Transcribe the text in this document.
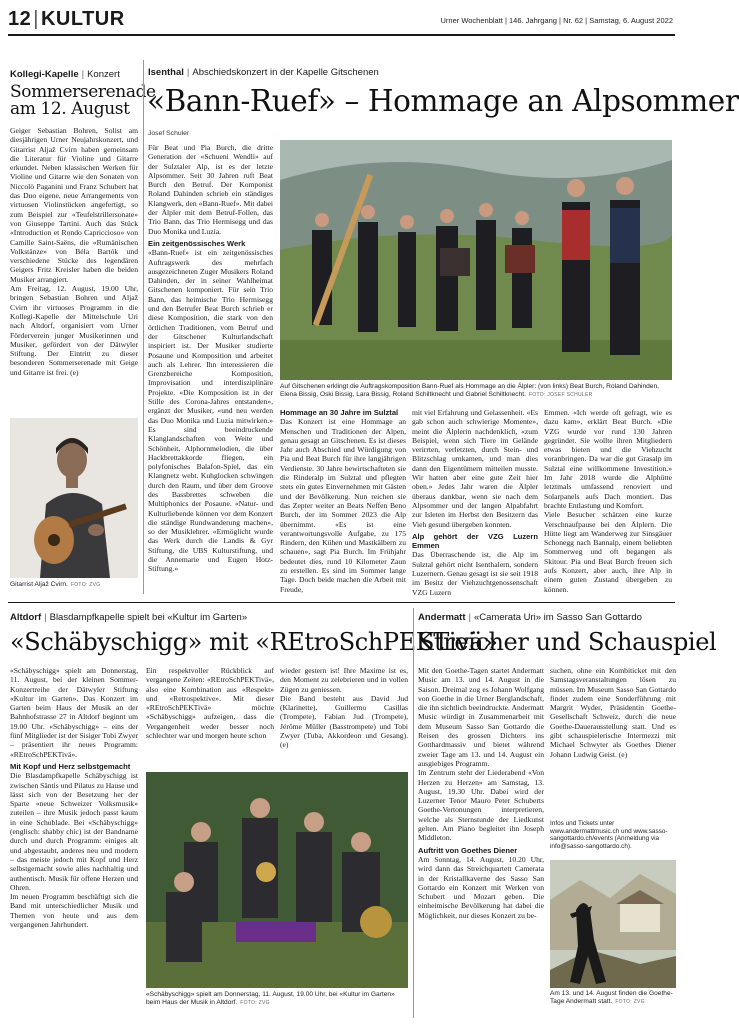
12 | KULTUR	Urner Wochenblatt | 146. Jahrgang | Nr. 62 | Samstag, 6. August 2022
Kollegi-Kapelle | Konzert
Sommerserenade am 12. August

Geiger Sebastian Bohren, Solist am diesjährigen Urner Neujahrskonzert, und Gitarrist Aljaž Cvirn haben gemeinsam die Literatur für Violine und Gitarre erkundet. Neben klassischen Werken für Violine und Gitarre wie den Sonaten von Niccolò Paganini und Franz Schubert hat das Duo eigene, neue Arrangements von virtuosen Violinstücken angefertigt, so zum Beispiel zur «Teufelstrillersonate» von Giuseppe Tartini. Auch das Stück «Introduction et Rondo Capriccioso» von Camille Saint-Saëns, die «Rumänischen Volkstänze» von Béla Bartók und verschiedene Stücke des legendären Geigers Fritz Kreisler haben die beiden Musiker arrangiert.

Am Freitag, 12. August, 19.00 Uhr, bringen Sebastian Bohren und Aljaž Cvirn ihr virtuoses Programm in die Kollegi-Kapelle der Mittelschule Uri nach Altdorf, organisiert vom Urner Förderverein junger Musikerinnen und Musiker, gefördert von der Dätwyler Stiftung. Der Eintritt zu dieser besonderen Sommerserenade mit Geige und Gitarre ist frei. (e)

Gitarrist Aljaž Cvirn. FOTO: ZVG
Isenthal | Abschiedskonzert in der Kapelle Gitschenen
«Bann-Ruef» – Hommage an Alpsommer
Josef Schuler

Für Beat und Pia Burch, die dritte Generation der «Schueni Wendli» auf der Sulztaler Alp, ist es der letzte Alpsommer. Seit 30 Jahren ruft Beat Burch den Betruf. Der Komponist Roland Dahinden schrieb ein ständiges Klangwerk, den «Bann-Ruef». Mit dabei der Älpler mit dem Betruf-Follen, das Trio Bann, das Trio Hermisegg und das Duo Monika und Luzia.

Ein zeitgenössisches Werk

«Bann-Ruef» ist ein zeitgenössisches Auftragswerk des mehrfach ausgezeichneten Zuger Musikers Roland Dahinden, der in seiner Wahlheimat Gitschenen komponiert. Für sein Trio Bann, das heimische Trio Hermisegg und den Betrufer Beat Burch schrieb er diese Komposition, die stark von den örtlichen Traditionen, vom Betruf und der Gitschener Kulturlandschaft inspiriert ist. Der Musiker studierte Posaune und Komposition und arbeitet auch als Lehrer. Ihn interessieren die Grenzbereiche Komposition, Improvisation und interdisziplinäre Projekte. «Die Komposition ist in der Stille des Corona-Jahres entstanden», ergänzt der Musiker, «und neu werden das Duo Monika und Luzia mitwirken.» Es sind beeindruckende Klanglandschaften von Weite und Schönheit, Alphornmelodien, die über Hackbrettakkorde fliegen, ein polyfonisches Balafon-Spiel, das ein Klangnetz webt. Kuhglocken schwingen durch den Raum, und über dem Groove des Bassbrettes schweben die Multiphonics der Posaune. «Natur- und Kulturliebende können vor dem Konzert die ständige Rundwanderung machen», so der Musiklehrer. «Ermöglicht wurde das Werk durch die Landis & Gyr Stiftung, die UBS Kulturstiftung, und die Annemarie und Eugen Hotz-Stiftung.»

Auf Gitschenen erklingt die Auftragskomposition Bann-Ruef als Hommage an die Älpler: (von links) Beat Burch, Roland Dahinden, Elena Bissig, Oski Bissig, Lara Bissig, Roland Schiltknecht und Gabriel Schiltknecht. FOTO: JOSEF SCHULER

Hommage an 30 Jahre im Sulztal

Das Konzert ist eine Hommage an Menschen und Traditionen der Alpen, genau gesagt an Gitschenen. Es ist dieses Jahr auch Abschied und Würdigung von Pia und Beat Burch für ihre langjährigen Verdienste. 30 Jahre bewirtschafteten sie die Rinderalp im Sulztal und pflegten stets ein gutes Einvernehmen mit Gästen und der Bevölkerung. Nun reichen sie das Zepter weiter an Beats Neffen Beno Burch, der im Sommer 2023 die Alp übernimmt. «Es ist eine verantwortungsvolle Aufgabe, zu 175 Rindern, den Kühen und Mastkälbern zu schauen», sagt Pia Burch. Im Frühjahr bedeutet dies, rund 10 Kilometer Zaun zu erstellen. Es sind im Sommer lange Tage. Doch beide machen die Arbeit mit Freude,

mit viel Erfahrung und Gelassenheit. «Es gab schon auch schwierige Momente», meint die Älplerin nachdenklich, «zum Beispiel, wenn sich Tiere im Gelände verirrten, verletzten, durch Stein- und Blitzschlag umkamen, und man dies dann den Eigentümern mitteilen musste. Wir hatten aber eine gute Zeit hier oben.» Jedes Jahr waren die Älpler überaus dankbar, wenn sie nach dem Alpsommer und der langen Alpabfahrt zur Isleten im Herbst den Besitzern das Vieh gesund übergeben konnten.

Alp gehört der VZG Luzern Emmen

Das Überraschende ist, die Alp im Sulztal gehört nicht Isenthalern, sondern Luzernern. Genau gesagt ist sie seit 1918 im Besitz der Viehzuchtgenossenschaft VZG Luzern

Emmen. «Ich werde oft gefragt, wie es dazu kam», erklärt Beat Burch. «Die VZG wurde vor rund 130 Jahren gegründet. Sie wollte ihren Mitgliedern etwas bieten und die Viehzucht voranbringen. Da war die gut Grasalp im Sulztal eine willkommene Investition.» Im Jahr 2018 wurde die Alphütte letztmals umfassend renoviert und Solarpanels aufs Dach montiert. Das brachte Entlastung und Komfort.

Viele Besucher schätzen eine kurze Verschnaufpause bei den Älplern. Die Hütte liegt am Wanderweg zur Sinsgäuer Schonegg nach Bannalp, einem beliebten Sommerweg und oft begangen als Skitour. Pia und Beat Burch freuen sich aufs Konzert, aber auch, ihre Alp in einem guten Zustand übergeben zu können.

Altdorf | Blasdampfkapelle spielt bei «Kultur im Garten»
«Schäbyschigg» mit «REtroSchPEKTivä»

«Schäbyschigg» spielt am Donnerstag, 11. August, bei der kleinen Sommer-Konzertreihe der Dätwyler Stiftung «Kultur im Garten». Das Konzert im Garten beim Haus der Musik an der Bahnhofstrasse 27 in Altdorf beginnt um 19.00 Uhr. «Schäbyschigg» – eins der fünf Mitglieder ist der Sisiger Tobi Zwyer – präsentiert ihr neues Programm: «REtroSchPEKTivä».

Mit Kopf und Herz selbstgemacht

Die Blasdampfkapelle Schäbyschigg ist zwischen Säntis und Pilatus zu Hause und lässt sich von der Besetzung her der Sparte «neue Schweizer Volksmusik» zuteilen – ihre Musik jedoch passt kaum in eine Schublade. Bei «Schäbyschigg» (englisch: shabby chic) ist der Bandname durch und durch Programm: einiges alt und abgestaubt, anderes neu und modern – das meiste jedoch mit Kopf und Herz selbstgemacht sowie alles nachhaltig und authentisch. Musik für offene Herzen und Ohren.

Im neuen Programm beschäftigt sich die Band mit unterschiedlicher Musik und Themen von heute und aus dem vergangenen Jahrhundert.

Ein respektvoller Rückblick auf vergangene Zeiten: «REtroSchPEKTivä», also eine Kombination aus «Respekt» und «Retrospektive». Mit dieser «REtroSchPEKTivä» möchte «Schäbyschigg» aufzeigen, dass die Vergangenheit weder besser noch schlechter war und morgen heute schon

wieder gestern ist! Ihre Maxime ist es, den Moment zu zelebrieren und in vollen Zügen zu geniessen.

Die Band besteht aus David Jud (Klarinette), Guillermo Casillas (Trompete), Fabian Jud (Trompete), Jérôme Müller (Basstrompete) und Tobi Zwyer (Tuba, Akkordeon und Gesang). (e)

«Schäbyschigg» spielt am Donnerstag, 11. August, 19.00 Uhr, bei «Kultur im Garten» beim Haus der Musik in Altdorf. FOTO: ZVG
Andermatt | «Camerata Uri» im Sasso San Gottardo
Streicher und Schauspiel

Mit den Goethe-Tagen startet Andermatt Music am 13. und 14. August in die Saison. Dreimal zog es Johann Wolfgang von Goethe in die Urner Berglandschaft, die ihn sichtlich beeindruckte. Andermatt Music würdigt in Zusammenarbeit mit dem Museum Sasso San Gottardo die Reisen des grossen Dichters ins Gotthardmassiv und bietet während zweier Tage am 13. und 14. August ein ausgiebiges Programm.

Im Zentrum steht der Liederabend «Von Herzen zu Herzen» am Samstag, 13. August, 19.30 Uhr. Dabei wird der Luzerner Tenor Mauro Peter Schuberts Goethe-Vertonungen interpretieren, welche als Sternstunde der Liedkunst gelten. Am Piano begleitet ihn Joseph Middleton.

Auftritt von Goethes Diener

Am Sonntag, 14. August, 10.20 Uhr, wird dann das Streichquartett Camerata in der Kristallkaverne des Sasso San Gottardo ein Konzert mit Werken von Schubert und Mozart geben. Die einheimische Bevölkerung hat dabei die Möglichkeit, nur dieses Konzert zu be-

suchen, ohne ein Kombiticket mit den Samstagsveranstaltungen lösen zu müssen. Im Museum Sasso San Gottardo findet zudem eine Sonderführung mit Margrit Wyder, Präsidentin Goethe-Gesellschaft Schweiz, durch die neue Goethe-Dauerausstellung statt. Und es gibt schauspielerische Intermezzi mit Michael Schwyter als Goethes Diener Johann Ludwig Geist. (e)

Infos und Tickets unter www.andermattmusic.ch und www.sasso-sangottardo.ch/events (Anmeldung via info@sasso-sangottardo.ch).
Am 13. und 14. August finden die Goethe-Tage Andermatt statt. FOTO: ZVG
